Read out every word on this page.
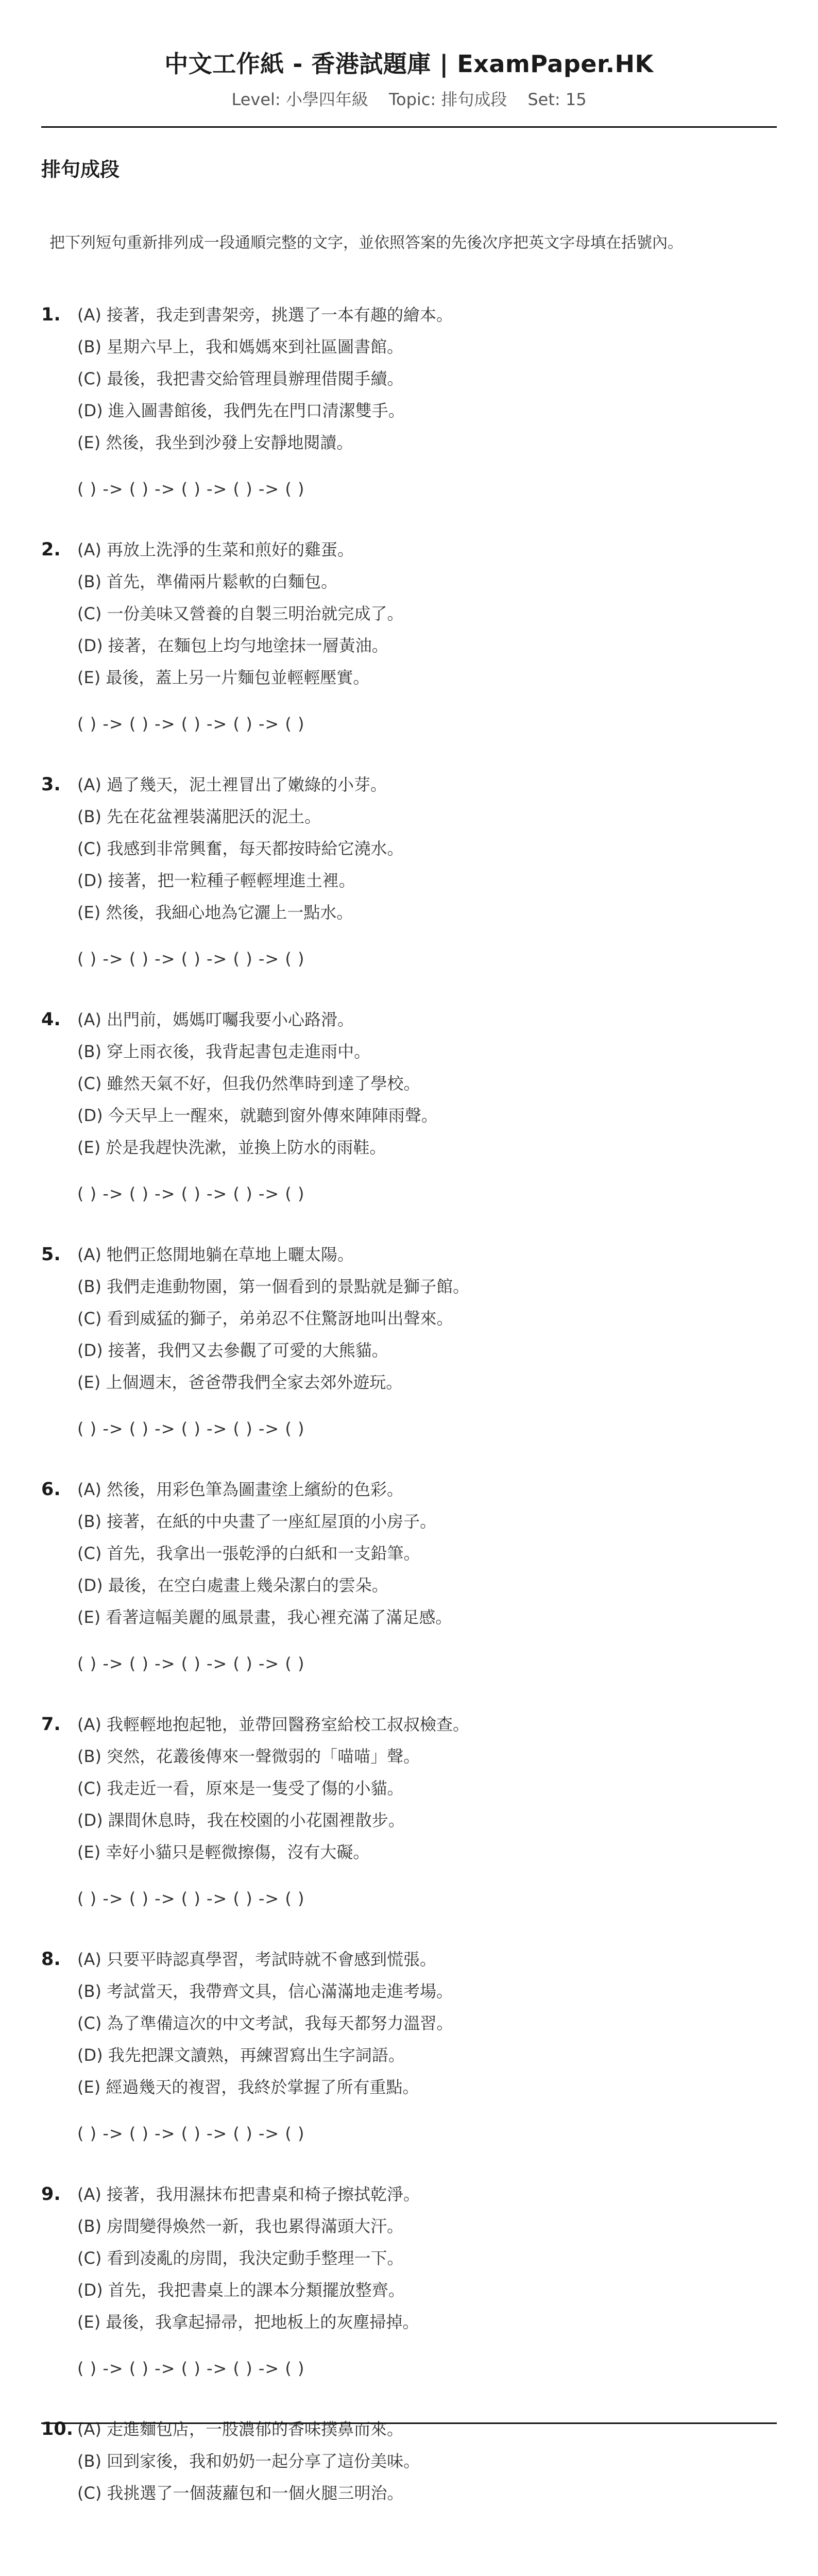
中文工作紙 - 香港試題庫 | ExamPaper.HK
Level: 小學四年級 Topic: 排句成段 Set: 15
排句成段
把下列短句重新排列成一段通順完整的文字，並依照答案的先後次序把英文字母填在括號內。
1. (A) 接著，我走到書架旁，挑選了一本有趣的繪本。
(B) 星期六早上，我和媽媽來到社區圖書館。
(C) 最後，我把書交給管理員辦理借閱手續。
(D) 進入圖書館後，我們先在門口清潔雙手。
(E) 然後，我坐到沙發上安靜地閱讀。
( ) -> ( ) -> ( ) -> ( ) -> ( )
2. (A) 再放上洗淨的生菜和煎好的雞蛋。
(B) 首先，準備兩片鬆軟的白麵包。
(C) 一份美味又營養的自製三明治就完成了。
(D) 接著，在麵包上均勻地塗抹一層黃油。
(E) 最後，蓋上另一片麵包並輕輕壓實。
( ) -> ( ) -> ( ) -> ( ) -> ( )
3. (A) 過了幾天，泥土裡冒出了嫩綠的小芽。
(B) 先在花盆裡裝滿肥沃的泥土。
(C) 我感到非常興奮，每天都按時給它澆水。
(D) 接著，把一粒種子輕輕埋進土裡。
(E) 然後，我細心地為它灑上一點水。
( ) -> ( ) -> ( ) -> ( ) -> ( )
4. (A) 出門前，媽媽叮囑我要小心路滑。
(B) 穿上雨衣後，我背起書包走進雨中。
(C) 雖然天氣不好，但我仍然準時到達了學校。
(D) 今天早上一醒來，就聽到窗外傳來陣陣雨聲。
(E) 於是我趕快洗漱，並換上防水的雨鞋。
( ) -> ( ) -> ( ) -> ( ) -> ( )
5. (A) 牠們正悠閒地躺在草地上曬太陽。
(B) 我們走進動物園，第一個看到的景點就是獅子館。
(C) 看到威猛的獅子，弟弟忍不住驚訝地叫出聲來。
(D) 接著，我們又去參觀了可愛的大熊貓。
(E) 上個週末，爸爸帶我們全家去郊外遊玩。
( ) -> ( ) -> ( ) -> ( ) -> ( )
6. (A) 然後，用彩色筆為圖畫塗上繽紛的色彩。
(B) 接著，在紙的中央畫了一座紅屋頂的小房子。
(C) 首先，我拿出一張乾淨的白紙和一支鉛筆。
(D) 最後，在空白處畫上幾朵潔白的雲朵。
(E) 看著這幅美麗的風景畫，我心裡充滿了滿足感。
( ) -> ( ) -> ( ) -> ( ) -> ( )
7. (A) 我輕輕地抱起牠，並帶回醫務室給校工叔叔檢查。
(B) 突然，花叢後傳來一聲微弱的「喵喵」聲。
(C) 我走近一看，原來是一隻受了傷的小貓。
(D) 課間休息時，我在校園的小花園裡散步。
(E) 幸好小貓只是輕微擦傷，沒有大礙。
( ) -> ( ) -> ( ) -> ( ) -> ( )
8. (A) 只要平時認真學習，考試時就不會感到慌張。
(B) 考試當天，我帶齊文具，信心滿滿地走進考場。
(C) 為了準備這次的中文考試，我每天都努力溫習。
(D) 我先把課文讀熟，再練習寫出生字詞語。
(E) 經過幾天的複習，我終於掌握了所有重點。
( ) -> ( ) -> ( ) -> ( ) -> ( )
9. (A) 接著，我用濕抹布把書桌和椅子擦拭乾淨。
(B) 房間變得煥然一新，我也累得滿頭大汗。
(C) 看到凌亂的房間，我決定動手整理一下。
(D) 首先，我把書桌上的課本分類擺放整齊。
(E) 最後，我拿起掃帚，把地板上的灰塵掃掉。
( ) -> ( ) -> ( ) -> ( ) -> ( )
10. (A) 走進麵包店，一股濃郁的香味撲鼻而來。
(B) 回到家後，我和奶奶一起分享了這份美味。
(C) 我挑選了一個菠蘿包和一個火腿三明治。
